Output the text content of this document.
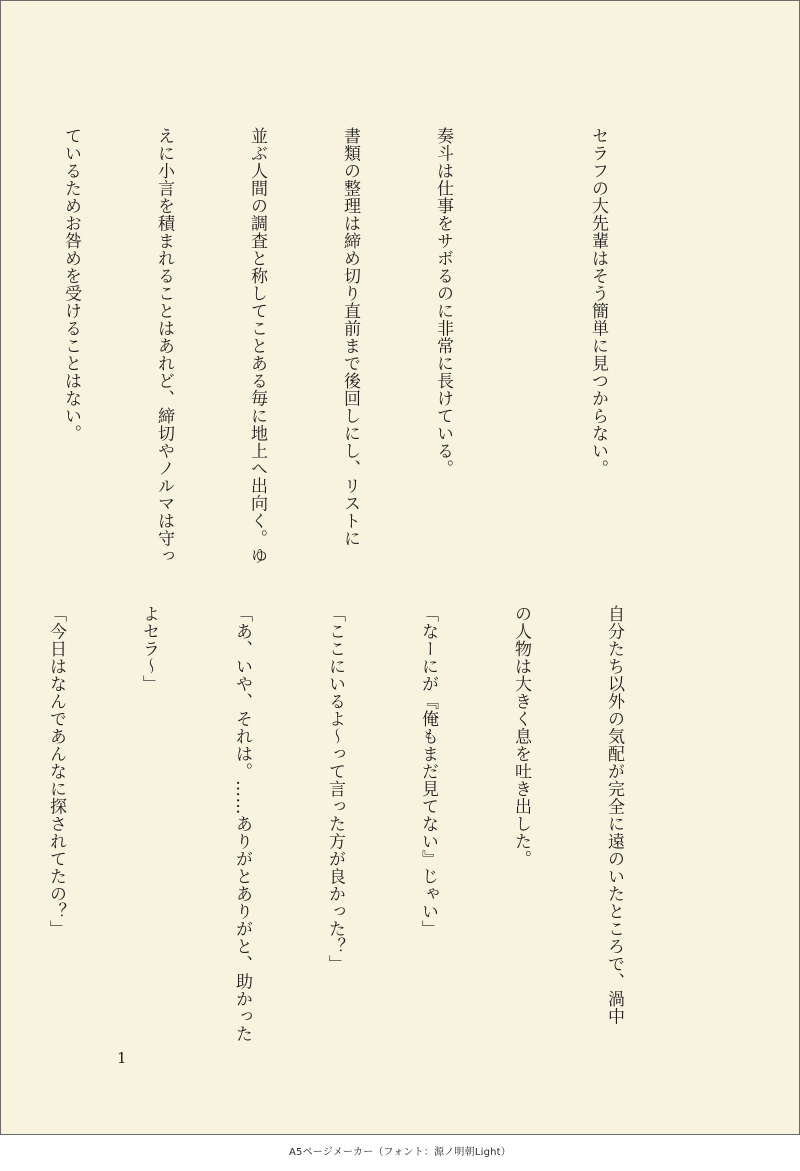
セラフの大先輩はそう簡単に見つからない。

奏斗は仕事をサボるのに非常に長けている。

書類の整理は締め切り直前まで後回しにし、リストに

並ぶ人間の調査と称してことある毎に地上へ出向く。ゆ

えに小言を積まれることはあれど、締切やノルマは守っ

ているためお咎めを受けることはない。

自分たち以外の気配が完全に遠のいたところで、渦中

の人物は大きく息を吐き出した。

「なーにが『俺もまだ見てない』じゃい」

「ここにいるよ～って言った方が良かった？」

「あ、いや、それは。……ありがとありがと、助かった

よセラ～」

「今日はなんであんなに探されてたの？」

1
A5ページメーカー（フォント：源ノ明朝Light）
